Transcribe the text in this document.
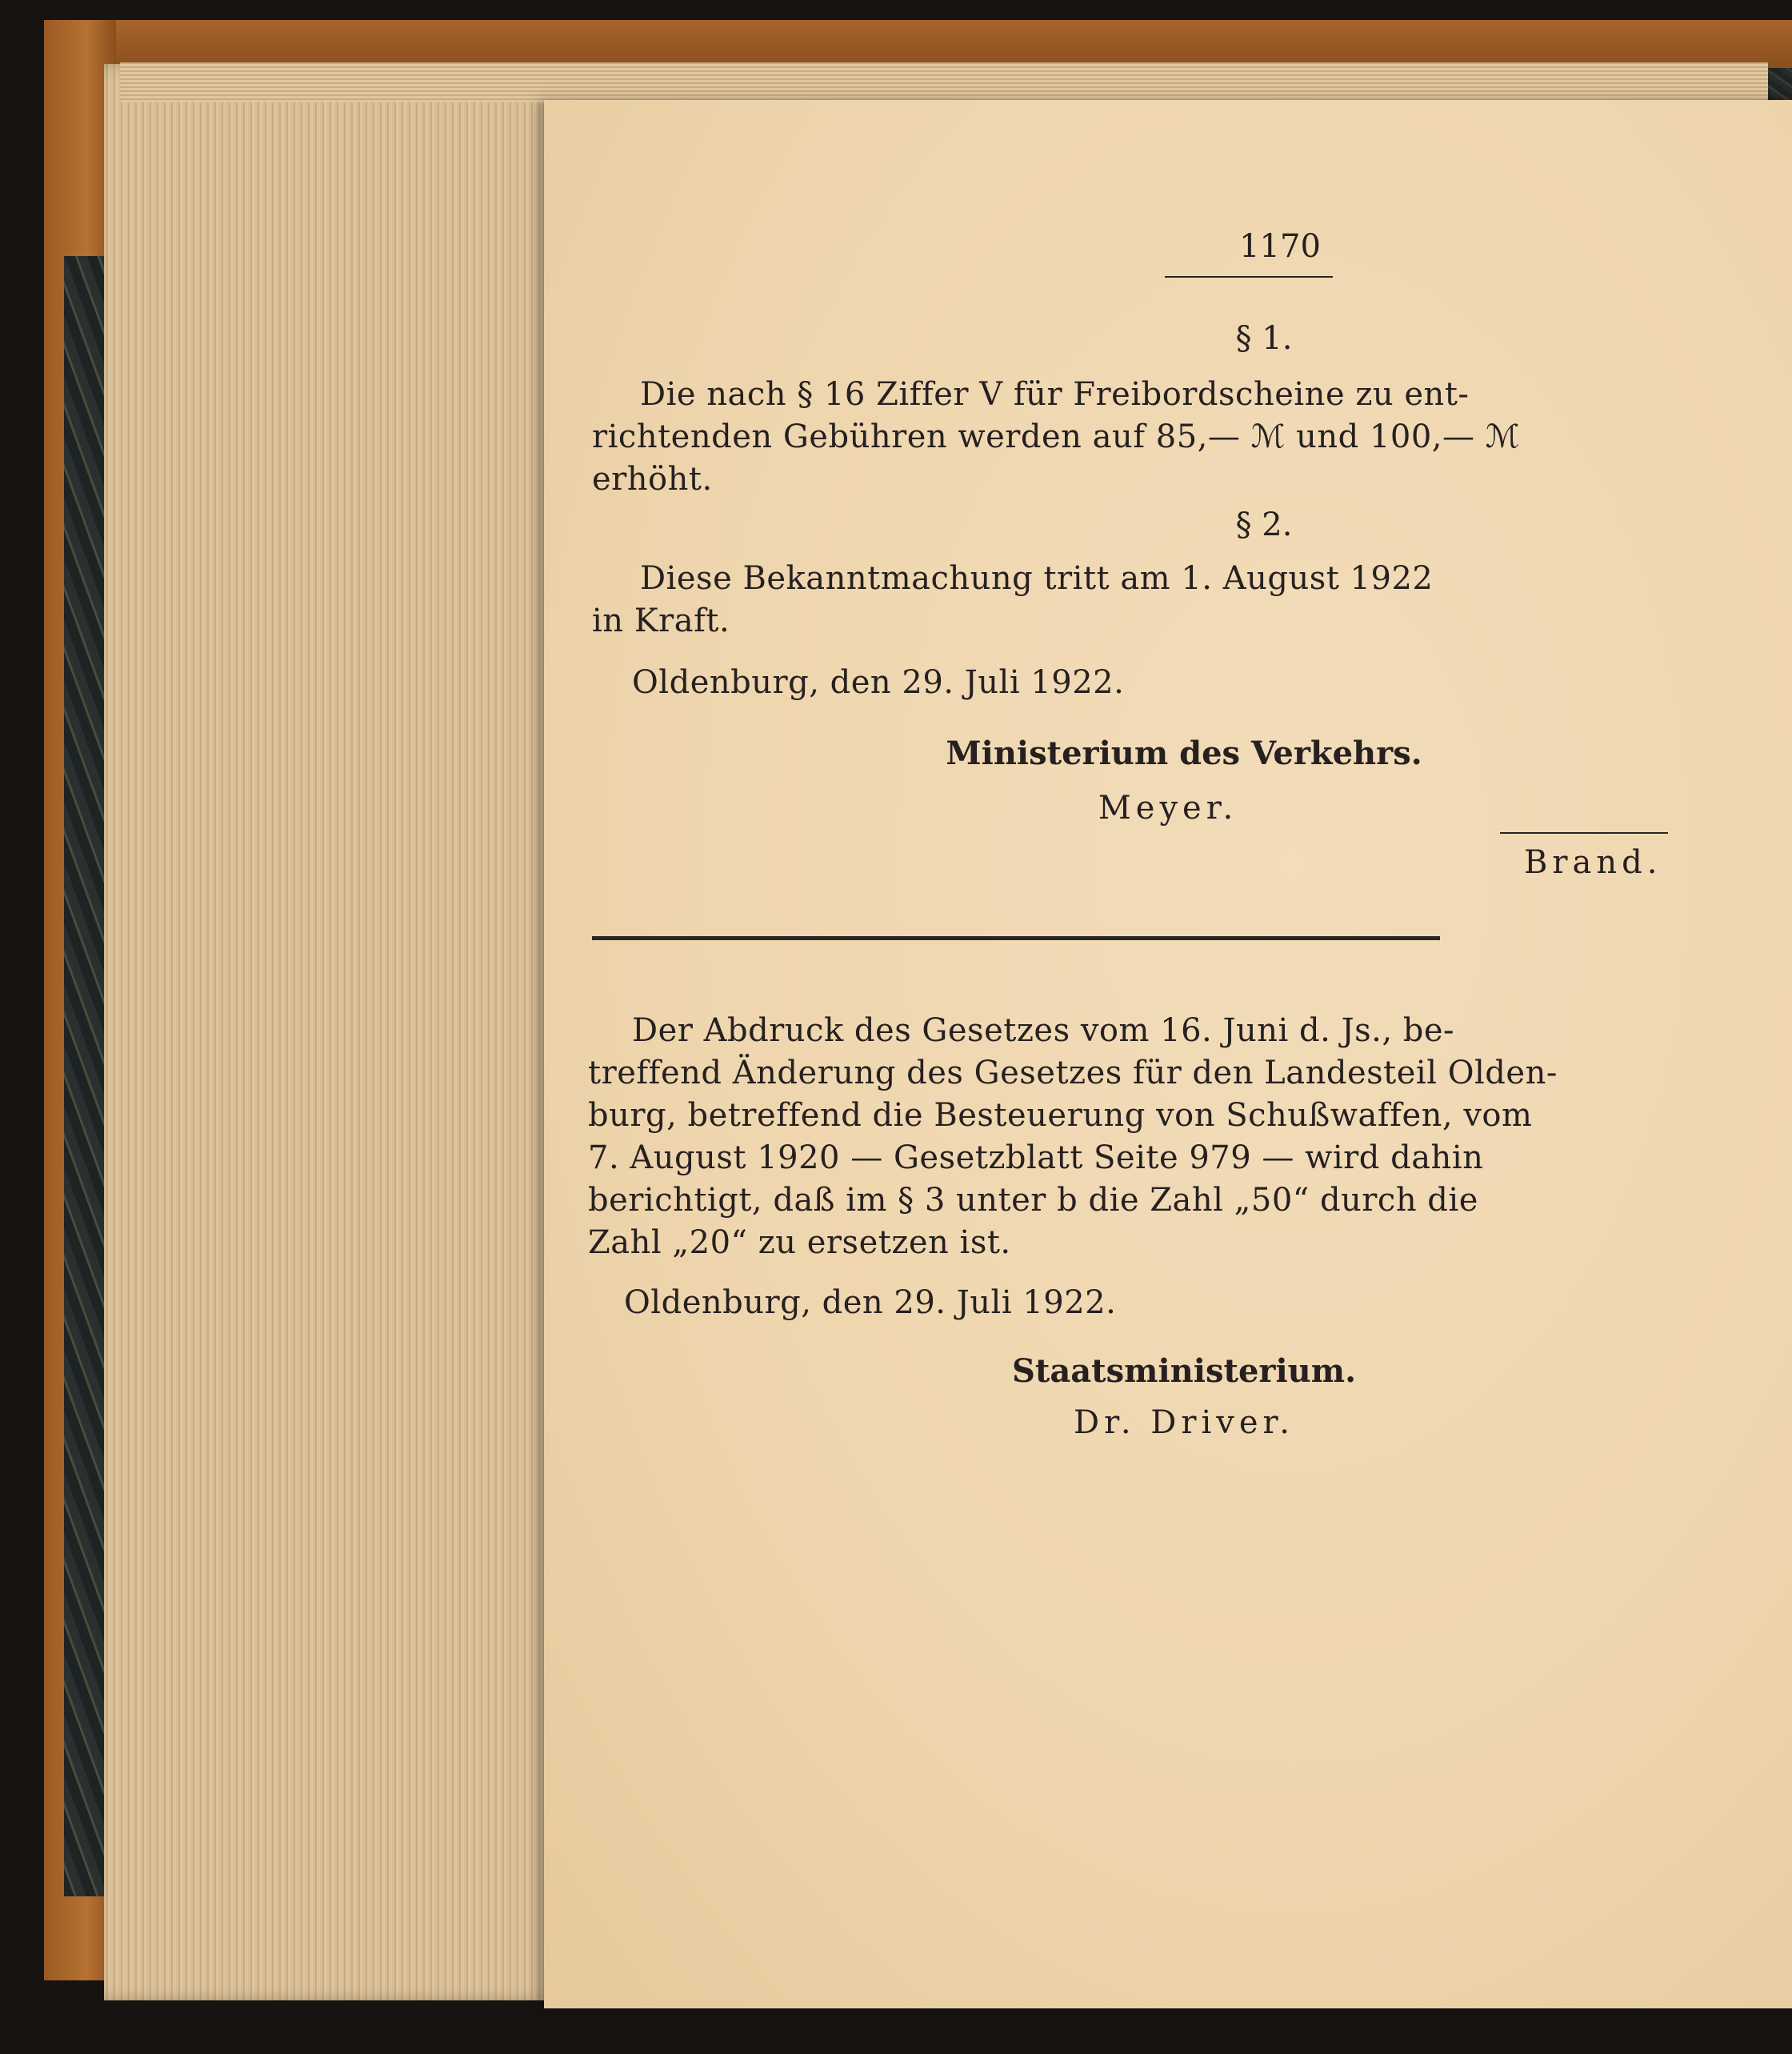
1170
§ 1.
Die nach § 16 Ziffer V für Freibordscheine zu ent-
richtenden Gebühren werden auf 85,— ℳ und 100,— ℳ
erhöht.
§ 2.
Diese Bekanntmachung tritt am 1. August 1922
in Kraft.
Oldenburg, den 29. Juli 1922.
Ministerium des Verkehrs.
Meyer.
Brand.
Der Abdruck des Gesetzes vom 16. Juni d. Js., be-
treffend Änderung des Gesetzes für den Landesteil Olden-
burg, betreffend die Besteuerung von Schußwaffen, vom
7. August 1920 — Gesetzblatt Seite 979 — wird dahin
berichtigt, daß im § 3 unter b die Zahl „50“ durch die
Zahl „20“ zu ersetzen ist.
Oldenburg, den 29. Juli 1922.
Staatsministerium.
Dr. Driver.
